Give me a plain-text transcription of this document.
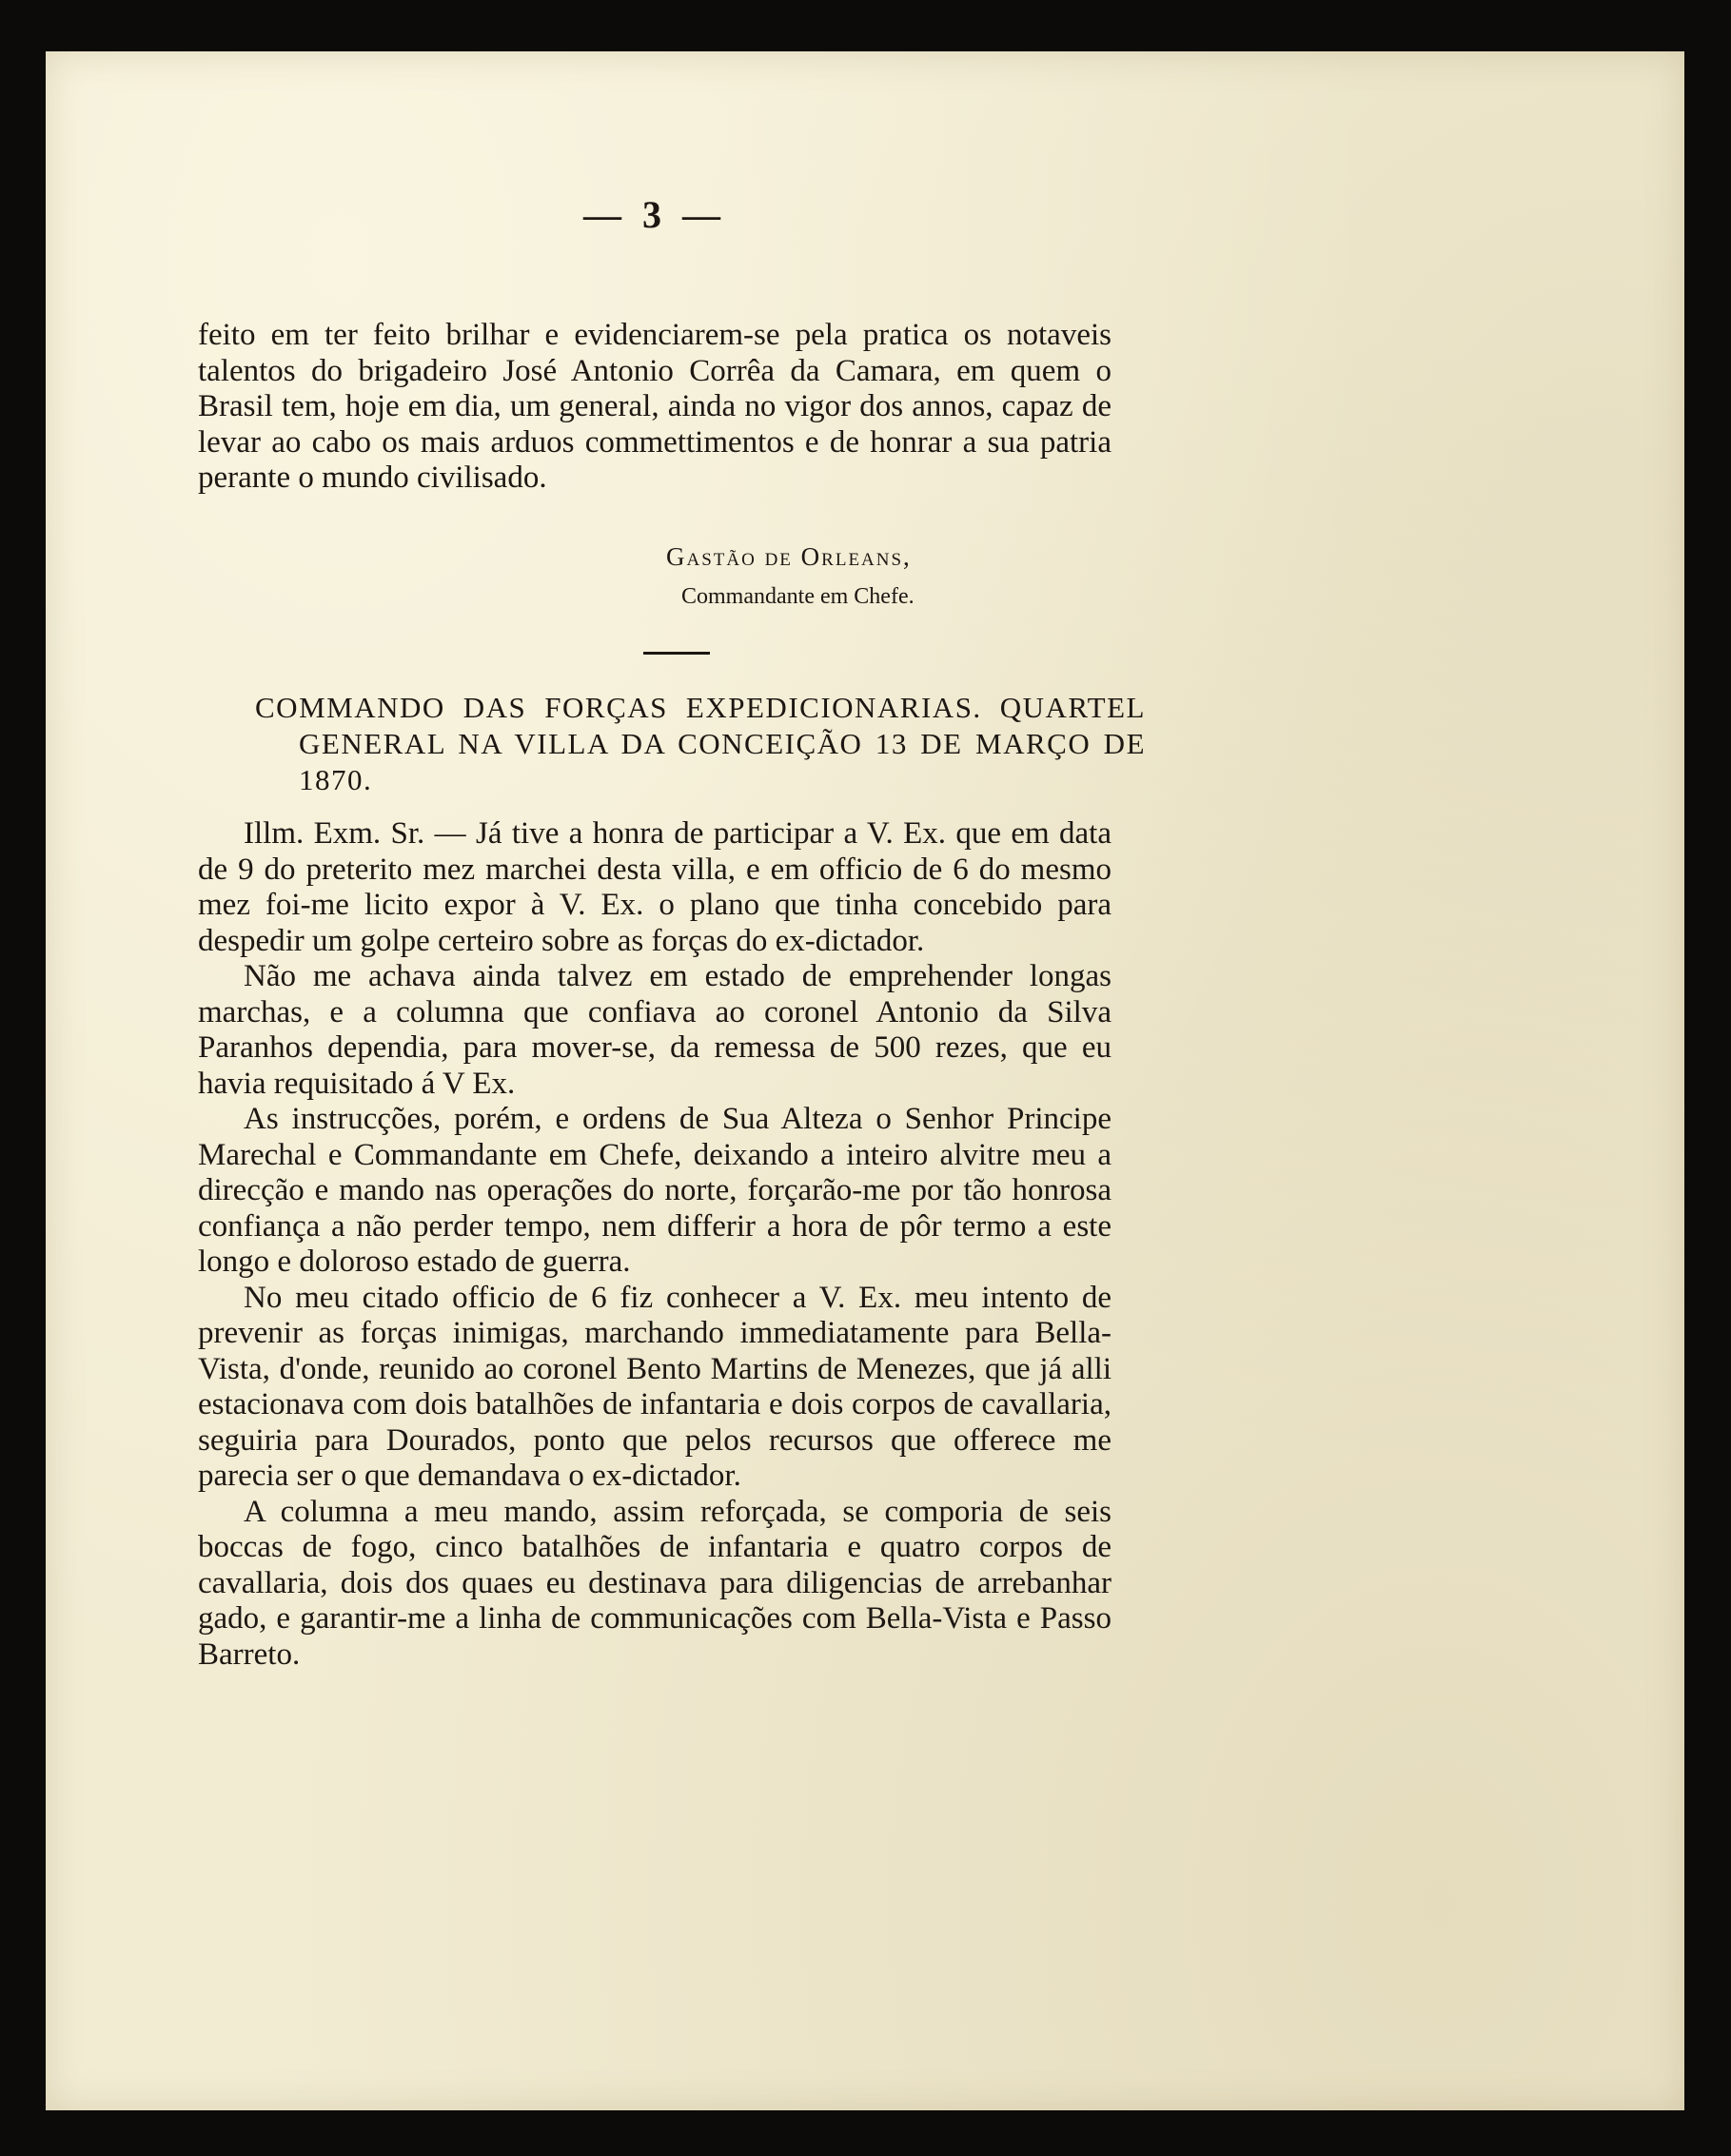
— 3 —

feito em ter feito brilhar e evidenciarem-se pela pratica os notaveis talentos do brigadeiro José Antonio Corrêa da Camara, em quem o Brasil tem, hoje em dia, um general, ainda no vigor dos annos, capaz de levar ao cabo os mais arduos commettimentos e de honrar a sua patria perante o mundo civilisado.

Gastão de Orleans,
Commandante em Chefe.

COMMANDO DAS FORÇAS EXPEDICIONARIAS. QUARTEL GENERAL NA VILLA DA CONCEIÇÃO 13 DE MARÇO DE 1870.

Illm. Exm. Sr. — Já tive a honra de participar a V. Ex. que em data de 9 do preterito mez marchei desta villa, e em officio de 6 do mesmo mez foi-me licito expor à V. Ex. o plano que tinha concebido para despedir um golpe certeiro sobre as forças do ex-dictador.

Não me achava ainda talvez em estado de emprehender longas marchas, e a columna que confiava ao coronel Antonio da Silva Paranhos dependia, para mover-se, da remessa de 500 rezes, que eu havia requisitado á V Ex.

As instrucções, porém, e ordens de Sua Alteza o Senhor Principe Marechal e Commandante em Chefe, deixando a inteiro alvitre meu a direcção e mando nas operações do norte, forçarão-me por tão honrosa confiança a não perder tempo, nem differir a hora de pôr termo a este longo e doloroso estado de guerra.

No meu citado officio de 6 fiz conhecer a V. Ex. meu intento de prevenir as forças inimigas, marchando immediatamente para Bella-Vista, d'onde, reunido ao coronel Bento Martins de Menezes, que já alli estacionava com dois batalhões de infantaria e dois corpos de cavallaria, seguiria para Dourados, ponto que pelos recursos que offerece me parecia ser o que demandava o ex-dictador.

A columna a meu mando, assim reforçada, se comporia de seis boccas de fogo, cinco batalhões de infantaria e quatro corpos de cavallaria, dois dos quaes eu destinava para diligencias de arrebanhar gado, e garantir-me a linha de communicações com Bella-Vista e Passo Barreto.
